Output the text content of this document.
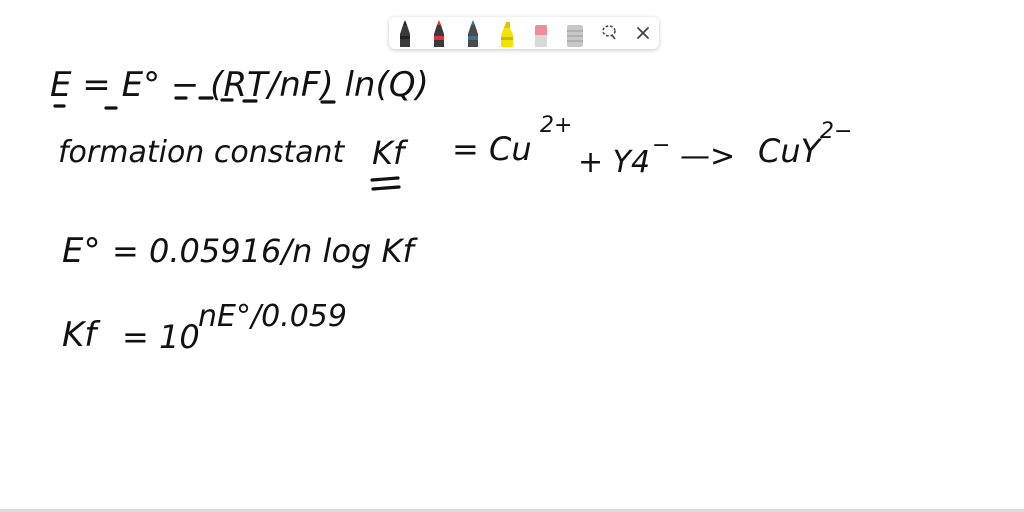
E = E° − (RT/nF) ln(Q)
formation constant Kf = Cu
2+
+ Y4 − —> CuY
2−
E° = 0.05916/n log Kf
Kf = 10
nE°/0.059
